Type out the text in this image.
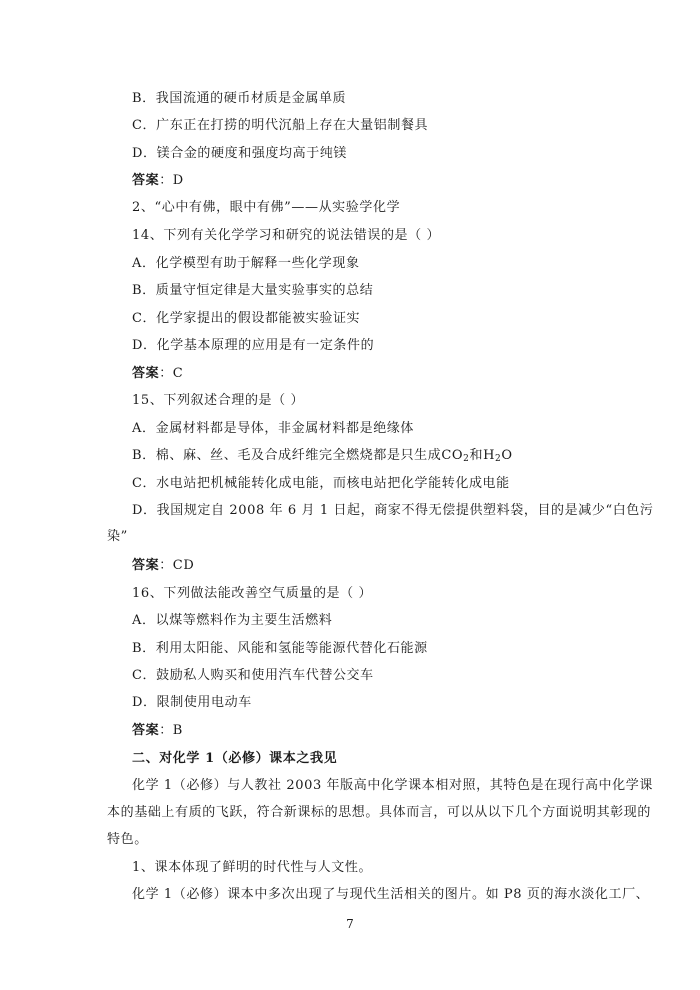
B．我国流通的硬币材质是金属单质
C．广东正在打捞的明代沉船上存在大量铝制餐具
D．镁合金的硬度和强度均高于纯镁
答案：D
2、“心中有佛，眼中有佛”——从实验学化学
14、下列有关化学学习和研究的说法错误的是（ ）
A．化学模型有助于解释一些化学现象
B．质量守恒定律是大量实验事实的总结
C．化学家提出的假设都能被实验证实
D．化学基本原理的应用是有一定条件的
答案：C
15、下列叙述合理的是（ ）
A．金属材料都是导体，非金属材料都是绝缘体
B．棉、麻、丝、毛及合成纤维完全燃烧都是只生成$CO_2$和$H_2O$
C．水电站把机械能转化成电能，而核电站把化学能转化成电能
D．我国规定自 2008 年 6 月 1 日起，商家不得无偿提供塑料袋，目的是减少“白色污
染”
答案：CD
16、下列做法能改善空气质量的是（ ）
A．以煤等燃料作为主要生活燃料
B．利用太阳能、风能和氢能等能源代替化石能源
C．鼓励私人购买和使用汽车代替公交车
D．限制使用电动车
答案：B
二、对化学 1（必修）课本之我见
化学 1（必修）与人教社 2003 年版高中化学课本相对照，其特色是在现行高中化学课
本的基础上有质的飞跃，符合新课标的思想。具体而言，可以从以下几个方面说明其彰现的
特色。
1、课本体现了鲜明的时代性与人文性。
化学 1（必修）课本中多次出现了与现代生活相关的图片。如 P8 页的海水淡化工厂、
7
